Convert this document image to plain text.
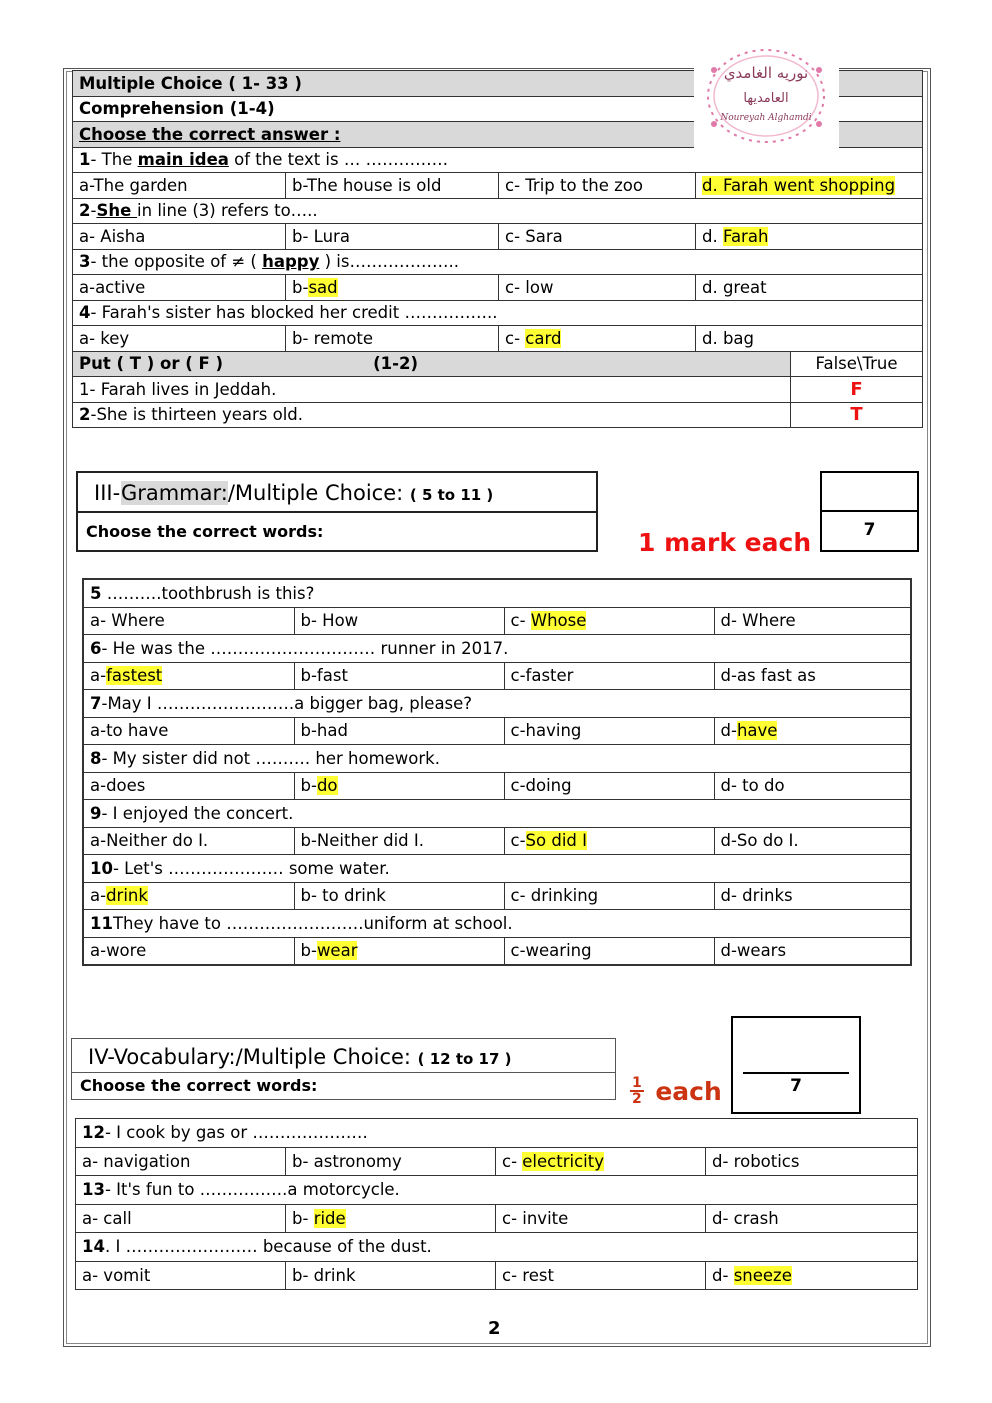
Multiple Choice ( 1- 33 )				
Comprehension (1-4)				
Choose the correct answer :				
1- The main idea of the text is … ……………				
a-The garden	b-The house is old	c- Trip to the zoo	d. Farah went shopping	
2-She in line (3) refers to…..				
a- Aisha	b- Lura	c- Sara	d. Farah	
3- the opposite of ≠ ( happy ) is………………..				
a-active	b-sad	c- low	d. great	
4- Farah's sister has blocked her credit ……………..				
a- key	b- remote	c- card	d. bag	
Put ( T ) or ( F ) (1-2)				False\True
1- Farah lives in Jeddah.				F
2-She is thirteen years old.				T
نوريه الغامدي
العامديها
Noureyah Alghamdi
III-Grammar:/Multiple Choice: ( 5 to 11 )
Choose the correct words:	1 mark each	7
5 ……….toothbrush is this?			
a- Where	b- How	c- Whose	d- Where
6- He was the ………………………… runner in 2017.			
a-fastest	b-fast	c-faster	d-as fast as
7-May I …………………….a bigger bag, please?			
a-to have	b-had	c-having	d-have
8- My sister did not ………. her homework.			
a-does	b-do	c-doing	d- to do
9- I enjoyed the concert.			
a-Neither do I.	b-Neither did I.	c-So did I	d-So do I.
10- Let's ………………… some water.			
a-drink	b- to drink	c- drinking	d- drinks
11They have to …………………….uniform at school.			
a-wore	b-wear	c-wearing	d-wears
IV-Vocabulary:/Multiple Choice: ( 12 to 17 )
Choose the correct words:	$\frac{1}{2}$ each	7
12- I cook by gas or …………………			
a- navigation	b- astronomy	c- electricity	d- robotics
13- It's fun to …………….a motorcycle.			
a- call	b- ride	c- invite	d- crash
14. I …………………… because of the dust.			
a- vomit	b- drink	c- rest	d- sneeze
2
